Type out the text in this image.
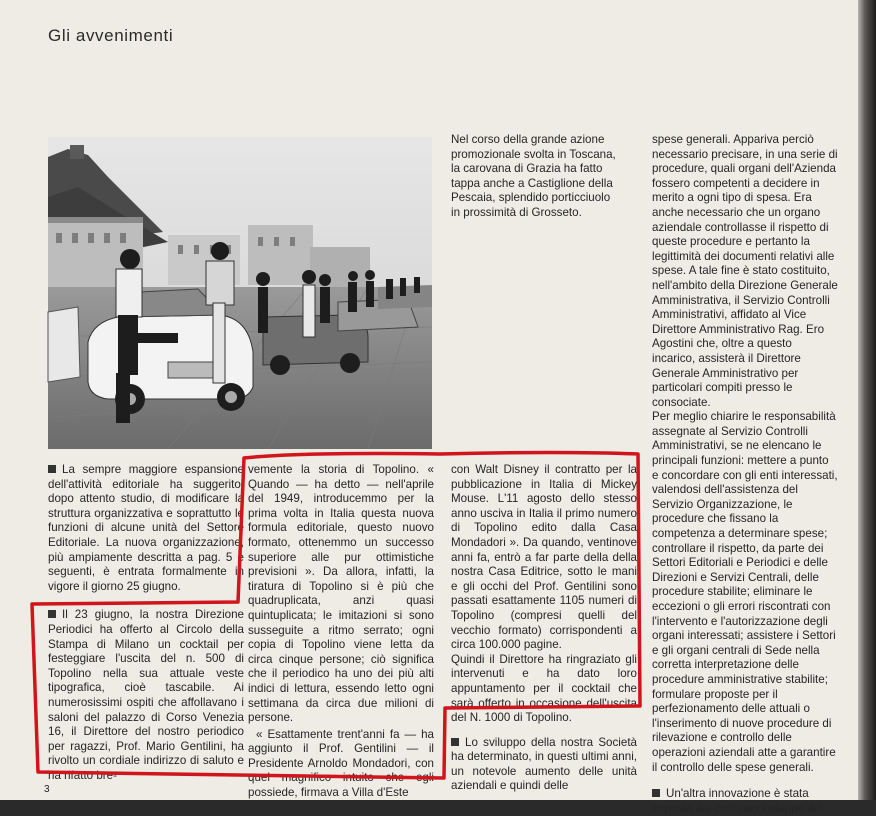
Gli avvenimenti

Nel corso della grande azione promozionale svolta in Toscana, la carovana di Grazia ha fatto tappa anche a Castiglione della Pescaia, splendido porticciuolo in prossimità di Grosseto.

La sempre maggiore espansione dell'attività editoriale ha suggerito, dopo attento studio, di modificare la struttura organizzativa e soprattutto le funzioni di alcune unità del Settore Editoriale. La nuova organizzazione, più ampiamente descritta a pag. 5 e seguenti, è entrata formalmente in vigore il giorno 25 giugno.

Il 23 giugno, la nostra Direzione Periodici ha offerto al Circolo della Stampa di Milano un cocktail per festeggiare l'uscita del n. 500 di Topolino nella sua attuale veste tipografica, cioè tascabile. Ai numerosissimi ospiti che affollavano i saloni del palazzo di Corso Venezia 16, il Direttore del nostro periodico per ragazzi, Prof. Mario Gentilini, ha rivolto un cordiale indirizzo di saluto e ha rifatto bre-

vemente la storia di Topolino. « Quando — ha detto — nell'aprile del 1949, introducemmo per la prima volta in Italia questa nuova formula editoriale, questo nuovo formato, ottenemmo un successo superiore alle pur ottimistiche previsioni ». Da allora, infatti, la tiratura di Topolino si è più che quadruplicata, anzi quasi quintuplicata; le imitazioni si sono susseguite a ritmo serrato; ogni copia di Topolino viene letta da circa cinque persone; ciò significa che il periodico ha uno dei più alti indici di lettura, essendo letto ogni settimana da circa due milioni di persone.

« Esattamente trent'anni fa — ha aggiunto il Prof. Gentilini — il Presidente Arnoldo Mondadori, con quel magnifico intuito che egli possiede, firmava a Villa d'Este

con Walt Disney il contratto per la pubblicazione in Italia di Mickey Mouse. L'11 agosto dello stesso anno usciva in Italia il primo numero di Topolino edito dalla Casa Mondadori ». Da quando, ventinove anni fa, entrò a far parte della della nostra Casa Editrice, sotto le mani e gli occhi del Prof. Gentilini sono passati esattamente 1105 numeri di Topolino (compresi quelli del vecchio formato) corrispondenti a circa 100.000 pagine.

Quindi il Direttore ha ringraziato gli intervenuti e ha dato loro appuntamento per il cocktail che sarà offerto in occasione dell'uscita del N. 1000 di Topolino.

Lo sviluppo della nostra Società ha determinato, in questi ultimi anni, un notevole aumento delle unità aziendali e quindi delle

spese generali. Appariva perciò necessario precisare, in una serie di procedure, quali organi dell'Azienda fossero competenti a decidere in merito a ogni tipo di spesa. Era anche necessario che un organo aziendale controllasse il rispetto di queste procedure e pertanto la legittimità dei documenti relativi alle spese. A tale fine è stato costituito, nell'ambito della Direzione Generale Amministrativa, il Servizio Controlli Amministrativi, affidato al Vice Direttore Amministrativo Rag. Ero Agostini che, oltre a questo incarico, assisterà il Direttore Generale Amministrativo per particolari compiti presso le consociate.

Per meglio chiarire le responsabilità assegnate al Servizio Controlli Amministrativi, se ne elencano le principali funzioni: mettere a punto e concordare con gli enti interessati, valendosi dell'assistenza del Servizio Organizzazione, le procedure che fissano la competenza a determinare spese; controllare il rispetto, da parte dei Settori Editoriali e Periodici e delle Direzioni e Servizi Centrali, delle procedure stabilite; eliminare le eccezioni o gli errori riscontrati con l'intervento e l'autorizzazione degli organi interessati; assistere i Settori e gli organi centrali di Sede nella corretta interpretazione delle procedure amministrative stabilite; formulare proposte per il perfezionamento delle attuali o l'inserimento di nuove procedure di rilevazione e controllo delle operazioni aziendali atte a garantire il controllo delle spese generali.

Un'altra innovazione è stata imposta dal continuo sviluppo del-

3
